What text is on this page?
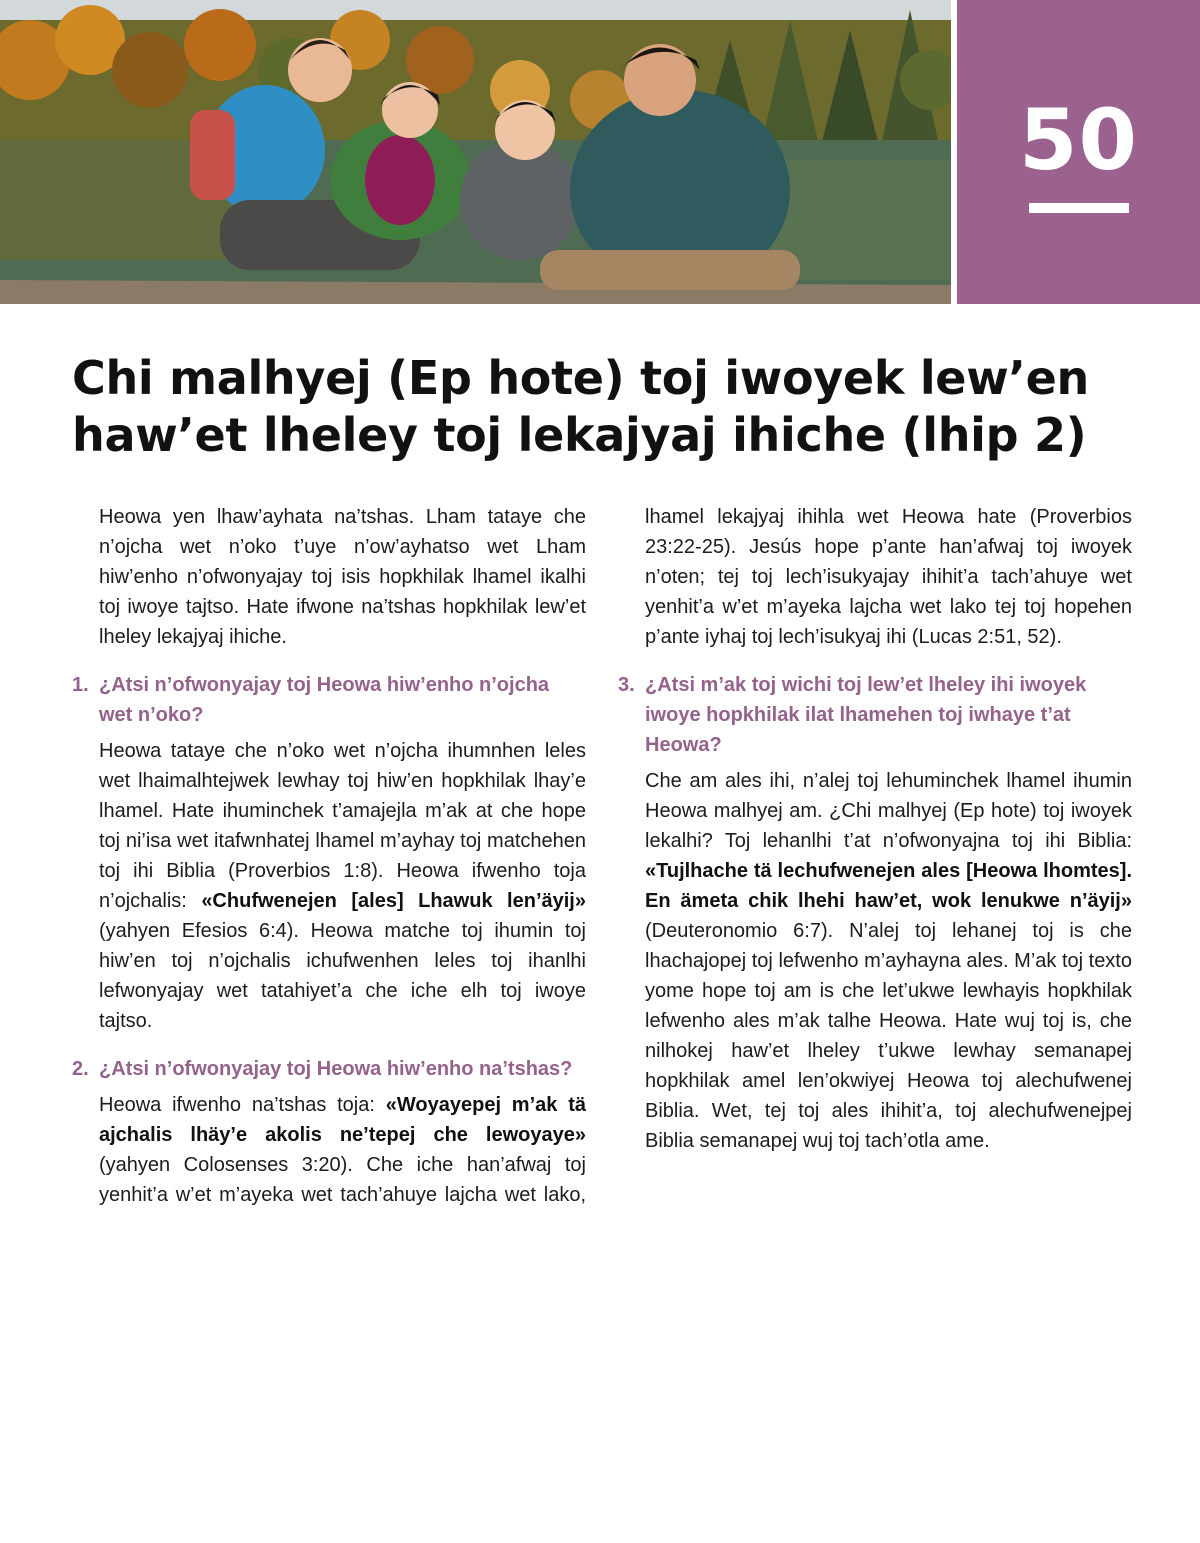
50
Chi malhyej (Ep hote) toj iwoyek lew’en
haw’et lheley toj lekajyaj ihiche (lhip 2)

Heowa yen lhaw’ayhata na’tshas. Lham tataye che n’ojcha wet n’oko t’uye n’ow’ayhatso wet Lham hiw’enho n’ofwonyajay toj isis hopkhilak lhamel ikalhi toj iwoye tajtso. Hate ifwone na’tshas hopkhilak lew’et lheley lekajyaj ihiche.

1. ¿Atsi n’ofwonyajay toj Heowa hiw’enho n’ojcha wet n’oko?

Heowa tataye che n’oko wet n’ojcha ihumnhen leles wet lhaimalhtejwek lewhay toj hiw’en hopkhilak lhay’e lhamel. Hate ihuminchek t’amajejla m’ak at che hope toj ni’isa wet itafwnhatej lhamel m’ayhay toj matchehen toj ihi Biblia (Proverbios 1:8). Heowa ifwenho toja n’ojchalis: «Chufwenejen [ales] Lhawuk len’äyij» (yahyen Efesios 6:4). Heowa matche toj ihumin toj hiw’en toj n’ojchalis ichufwenhen leles toj ihanlhi lefwonyajay wet tatahiyet’a che iche elh toj iwoye tajtso.

2. ¿Atsi n’ofwonyajay toj Heowa hiw’enho na’tshas?

Heowa ifwenho na’tshas toja: «Woyayepej m’ak tä ajchalis lhäy’e akolis ne’tepej che lewoyaye» (yahyen Colosenses 3:20). Che iche han’afwaj toj yenhit’a w’et m’ayeka wet tach’ahuye lajcha wet lako,

lhamel lekajyaj ihihla wet Heowa hate (Proverbios 23:22-25). Jesús hope p’ante han’afwaj toj iwoyek n’oten; tej toj lech’isukyajay ihihit’a tach’ahuye wet yenhit’a w’et m’ayeka lajcha wet lako tej toj hopehen p’ante iyhaj toj lech’isukyaj ihi (Lucas 2:51, 52).

3. ¿Atsi m’ak toj wichi toj lew’et lheley ihi iwoyek iwoye hopkhilak ilat lhamehen toj iwhaye t’at Heowa?

Che am ales ihi, n’alej toj lehuminchek lhamel ihumin Heowa malhyej am. ¿Chi malhyej (Ep hote) toj iwoyek lekalhi? Toj lehanlhi t’at n’ofwonyajna toj ihi Biblia: «Tujlhache tä lechufwenejen ales [Heowa lhomtes]. En ämeta chik lhehi haw’et, wok lenukwe n’äyij» (Deuteronomio 6:7). N’alej toj lehanej toj is che lhachajopej toj lefwenho m’ayhayna ales. M’ak toj texto yome hope toj am is che let’ukwe lewhayis hopkhilak lefwenho ales m’ak talhe Heowa. Hate wuj toj is, che nilhokej haw’et lheley t’ukwe lewhay semanapej hopkhilak amel len’okwiyej Heowa toj alechufwenej Biblia. Wet, tej toj ales ihihit’a, toj alechufwenejpej Biblia semanapej wuj toj tach’otla ame.
